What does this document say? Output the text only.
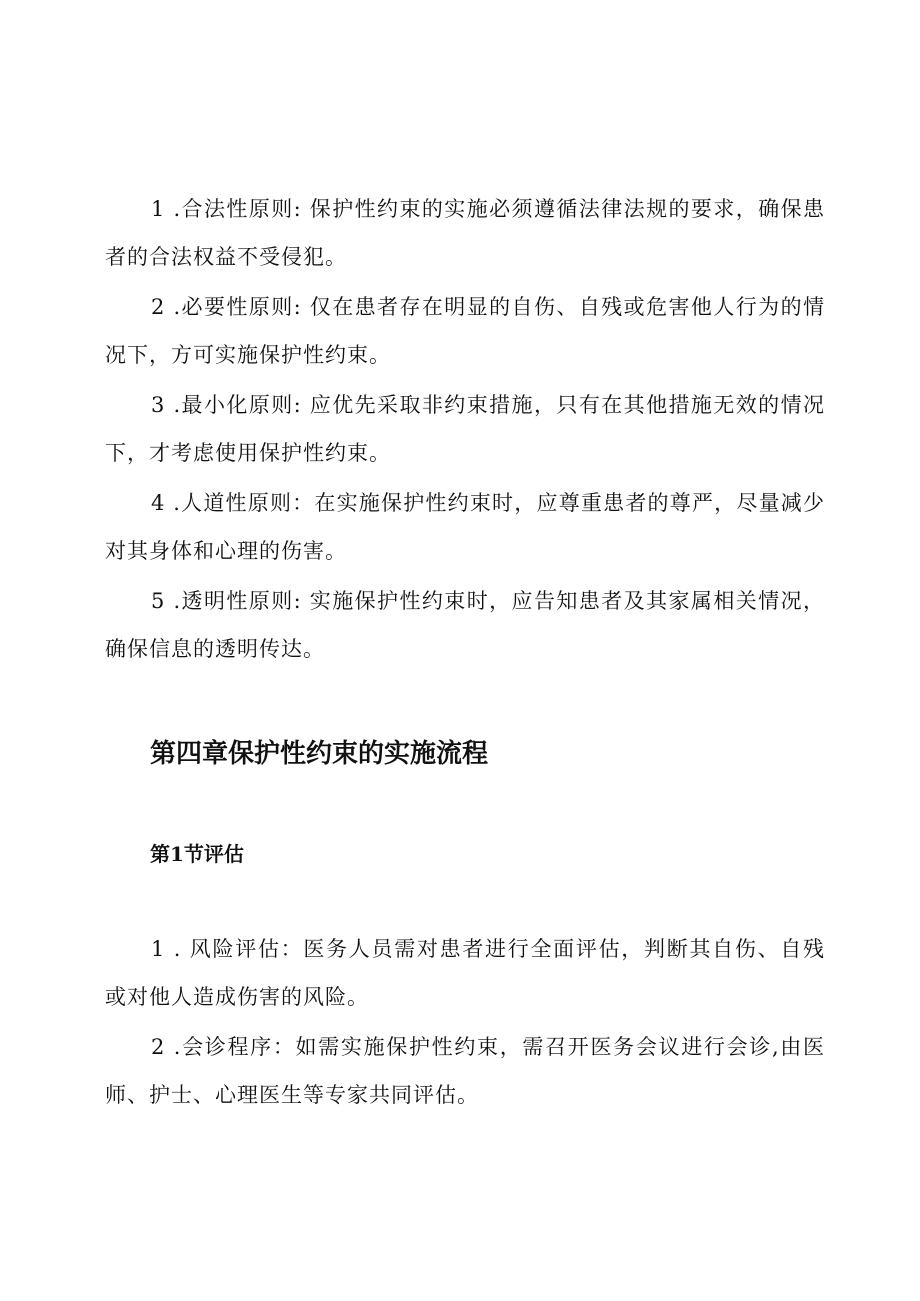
1 .合法性原则: 保护性约束的实施必须遵循法律法规的要求，确保患者的合法权益不受侵犯。

2 .必要性原则: 仅在患者存在明显的自伤、自残或危害他人行为的情况下，方可实施保护性约束。

3 .最小化原则: 应优先采取非约束措施，只有在其他措施无效的情况下，才考虑使用保护性约束。

4 .人道性原则：在实施保护性约束时，应尊重患者的尊严，尽量减少对其身体和心理的伤害。

5 .透明性原则: 实施保护性约束时，应告知患者及其家属相关情况，确保信息的透明传达。

第四章保护性约束的实施流程
第1节评估

1 . 风险评估：医务人员需对患者进行全面评估，判断其自伤、自残或对他人造成伤害的风险。

2 .会诊程序：如需实施保护性约束，需召开医务会议进行会诊,由医师、护士、心理医生等专家共同评估。
